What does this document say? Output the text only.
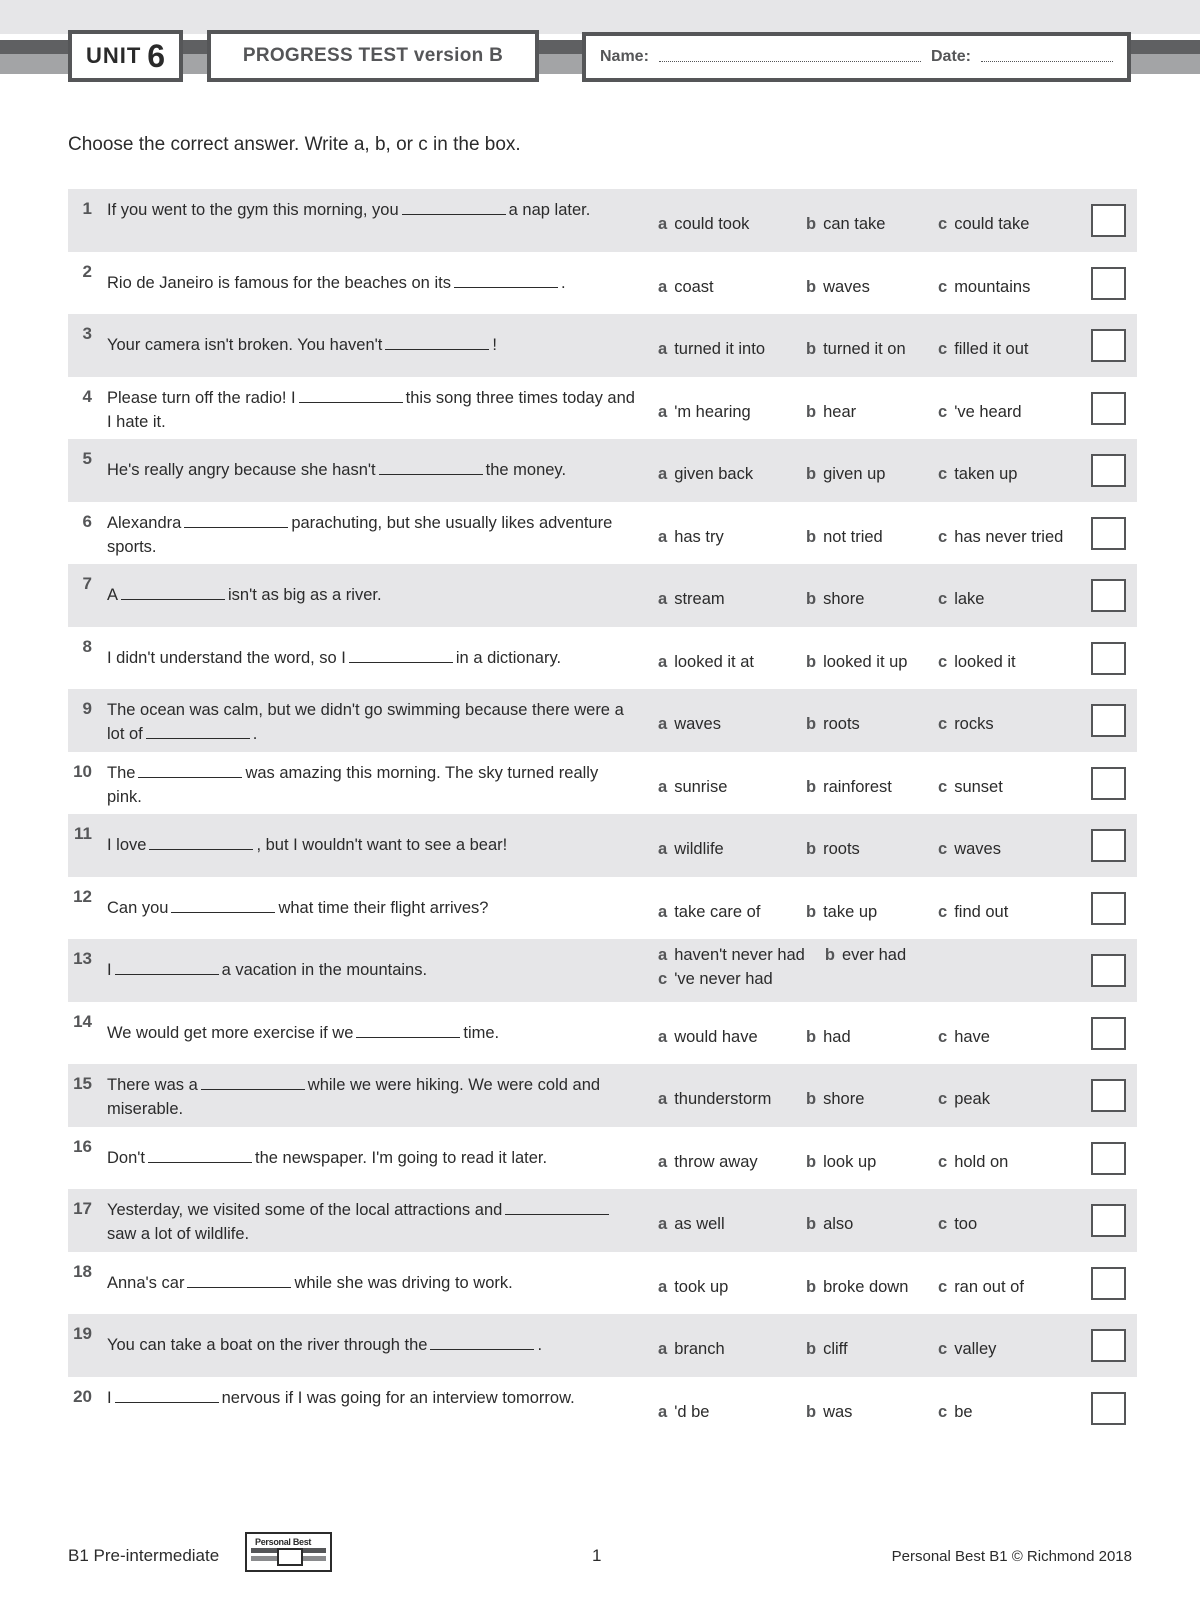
UNIT 6	PROGRESS TEST version B	Name:	Date:
Choose the correct answer. Write a, b, or c in the box.
1 If you went to the gym this morning, you	a nap later.
a could took	b can take	c could take
2
Rio de Janeiro is famous for the beaches on its	.	a coast	b waves	c mountains
3
Your camera isn't broken. You haven't	!	a turned it into b turned it on c filled it out
4 Please turn off the radio! I	this song three times today and I hate it.
a 'm hearing	b hear	c 've heard
5
He's really angry because she hasn't	the money.	a given back	b given up	c taken up
6 Alexandra	parachuting, but she usually likes adventure sports.
a has try	b not tried	c has never tried
7
A	isn't as big as a river.	a stream	b shore	c lake
8
I didn't understand the word, so I	in a dictionary.	a looked it at	b looked it up c looked it
9 The ocean was calm, but we didn't go swimming because there were a lot of	.
a waves	b roots	c rocks
10 The	was amazing this morning. The sky turned really pink.
a sunrise	b rainforest	c sunset
11
I love	, but I wouldn't want to see a bear!	a wildlife	b roots	c waves
12
Can you	what time their flight arrives?	a take care of	b take up	c find out
13
I	a vacation in the mountains.
a haven't never had b ever had
c 've never had
14
We would get more exercise if we	time.	a would have	b had	c have
15 There was a	while we were hiking. We were cold and miserable.
a thunderstorm b shore	c peak
16
Don't	the newspaper. I'm going to read it later.	a throw away	b look up	c hold on
17 Yesterday, we visited some of the local attractions andsaw a lot of wildlife.
a as well	b also	c too
18
Anna's car	while she was driving to work.	a took up	b broke down c ran out of
19
You can take a boat on the river through the	.	a branch	b cliff	c valley
20 I	nervous if I was going for an interview tomorrow.
a 'd be	b was	c be
B1 Pre-intermediate
Personal Best
1	Personal Best B1 © Richmond 2018
